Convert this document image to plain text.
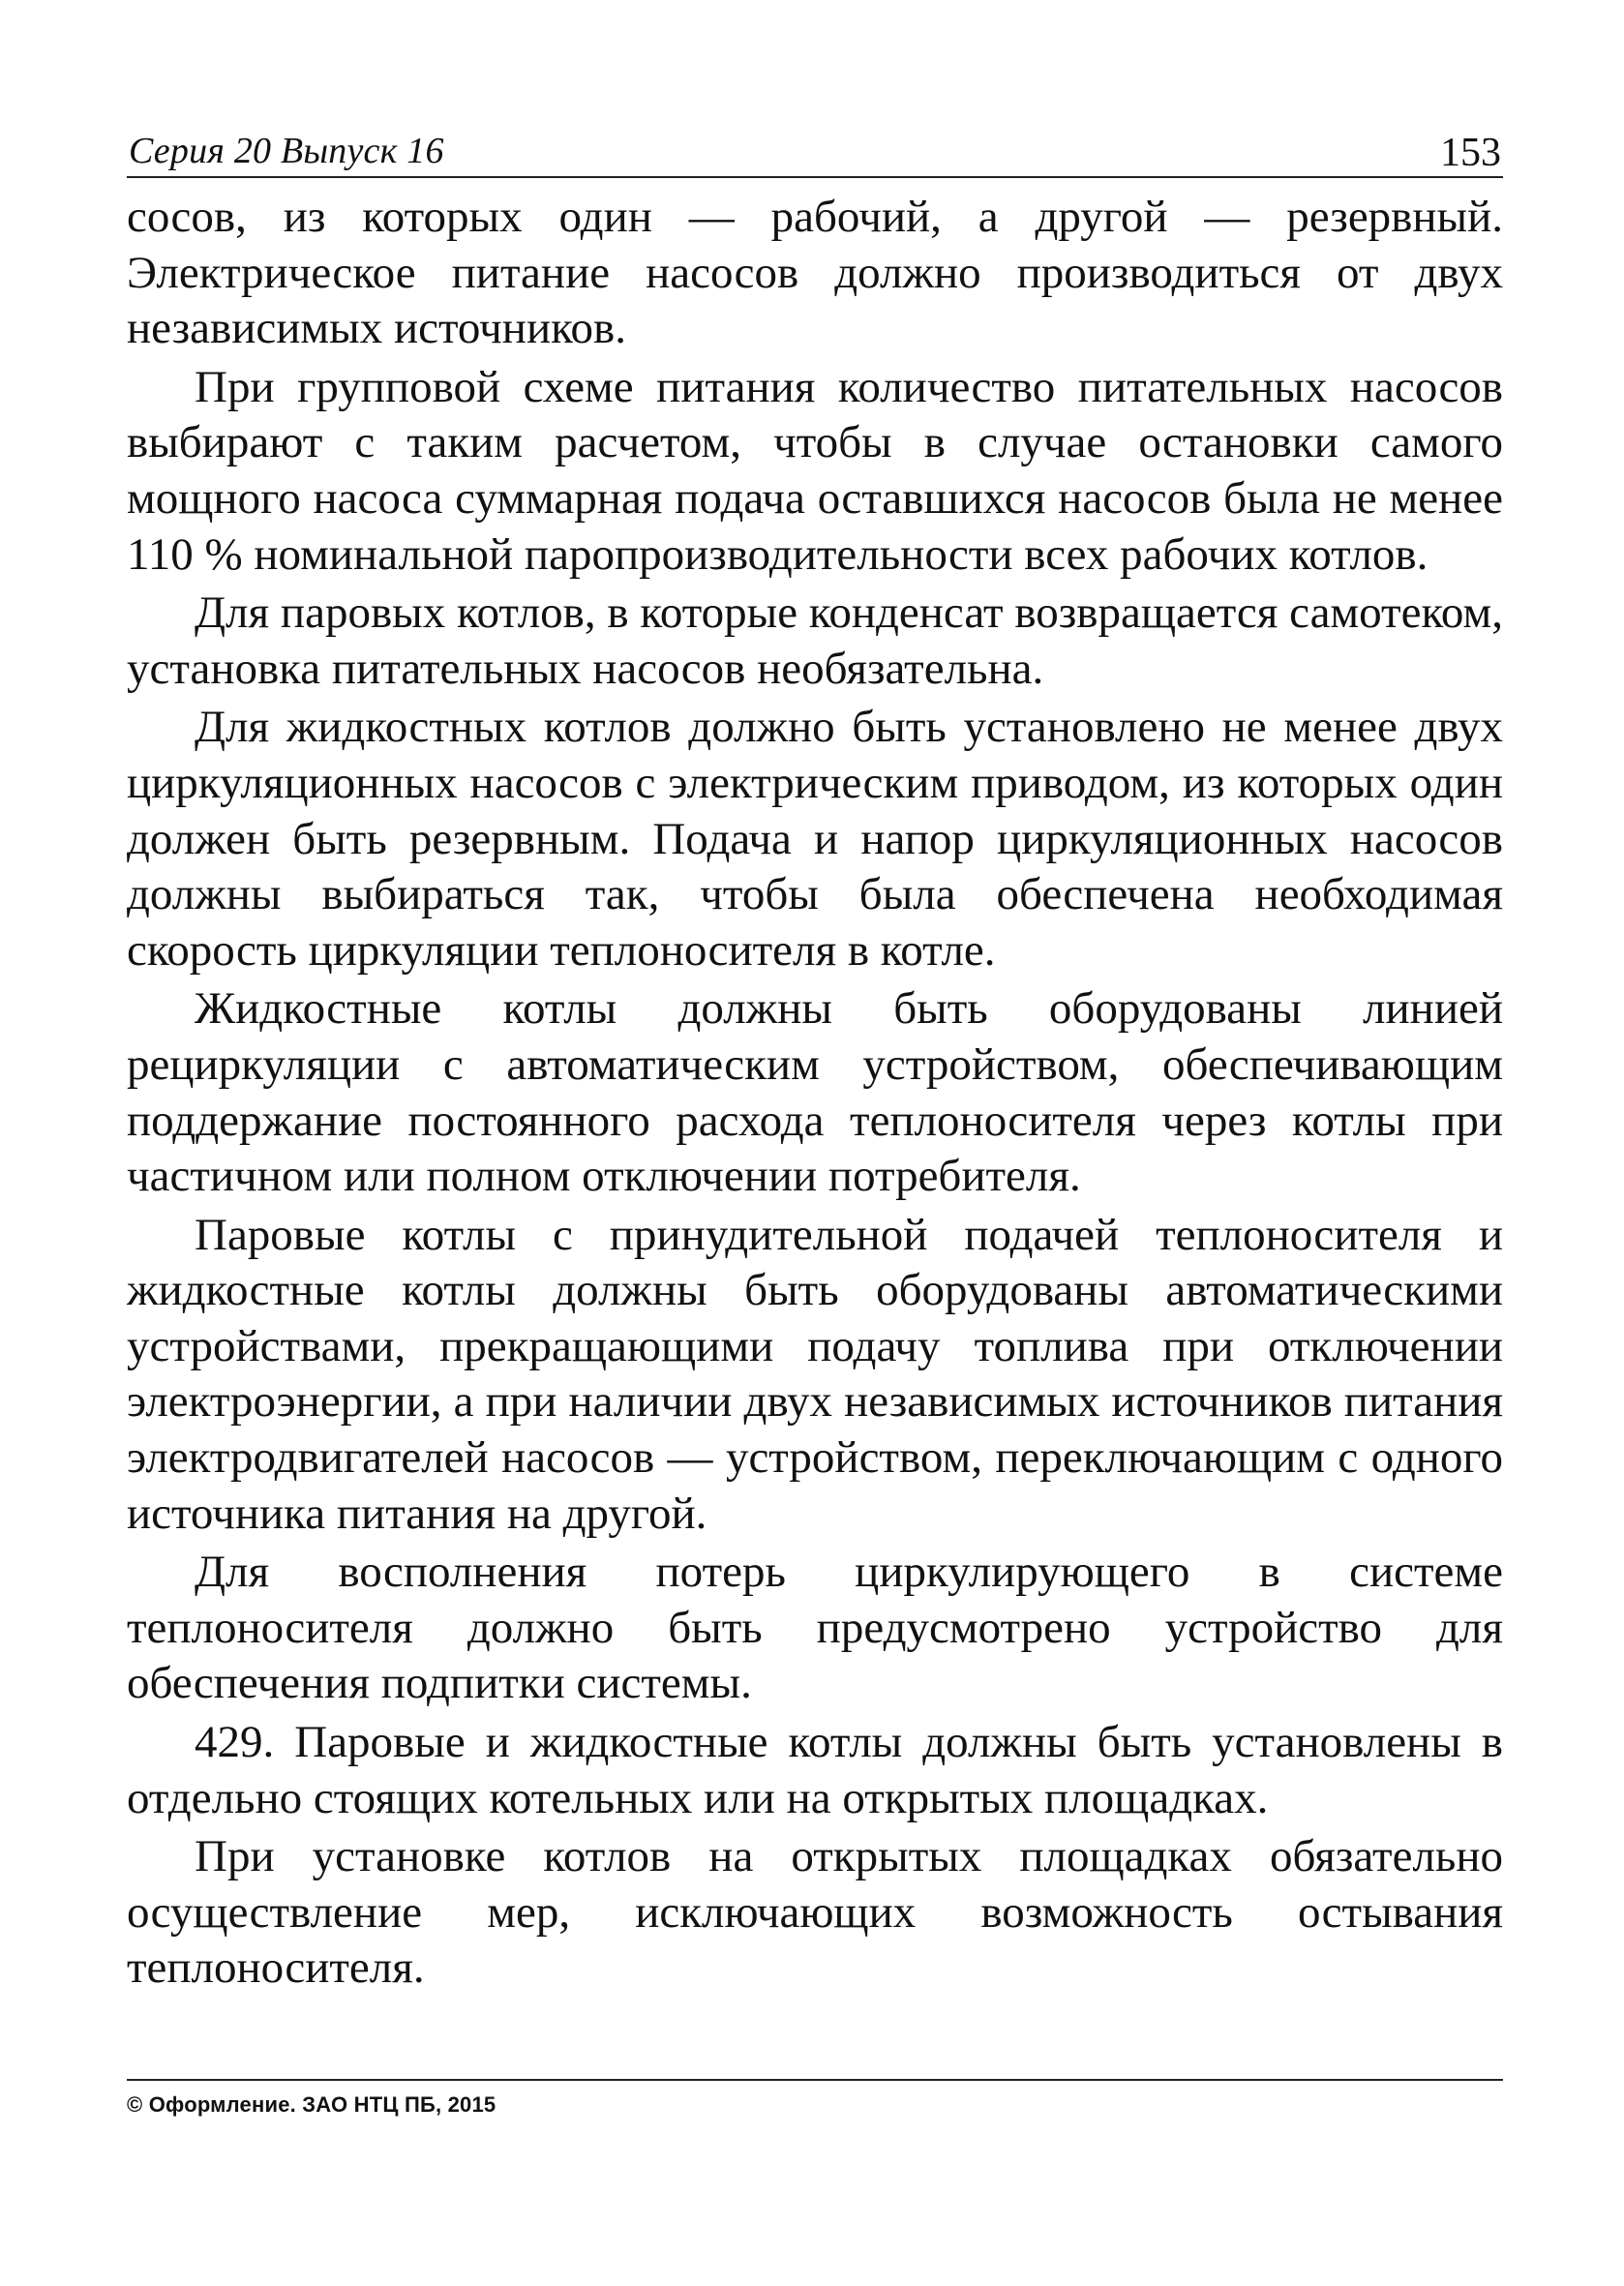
Серия 20 Выпуск 16	153

сосов, из которых один — рабочий, а другой — резервный. Электрическое питание насосов должно производиться от двух независимых источников.

При групповой схеме питания количество питательных насосов выбирают с таким расчетом, чтобы в случае остановки самого мощного насоса суммарная подача оставшихся насосов была не менее 110 % номинальной паропроизводительности всех рабочих котлов.

Для паровых котлов, в которые конденсат возвращается самотеком, установка питательных насосов необязательна.

Для жидкостных котлов должно быть установлено не менее двух циркуляционных насосов с электрическим приводом, из которых один должен быть резервным. Подача и напор циркуляционных насосов должны выбираться так, чтобы была обеспечена необходимая скорость циркуляции теплоносителя в котле.

Жидкостные котлы должны быть оборудованы линией рециркуляции с автоматическим устройством, обеспечивающим поддержание постоянного расхода теплоносителя через котлы при частичном или полном отключении потребителя.

Паровые котлы с принудительной подачей теплоносителя и жидкостные котлы должны быть оборудованы автоматическими устройствами, прекращающими подачу топлива при отключении электроэнергии, а при наличии двух независимых источников питания электродвигателей насосов — устройством, переключающим с одного источника питания на другой.

Для восполнения потерь циркулирующего в системе теплоносителя должно быть предусмотрено устройство для обеспечения подпитки системы.

429. Паровые и жидкостные котлы должны быть установлены в отдельно стоящих котельных или на открытых площадках.

При установке котлов на открытых площадках обязательно осуществление мер, исключающих возможность остывания теплоносителя.

© Оформление. ЗАО НТЦ ПБ, 2015
